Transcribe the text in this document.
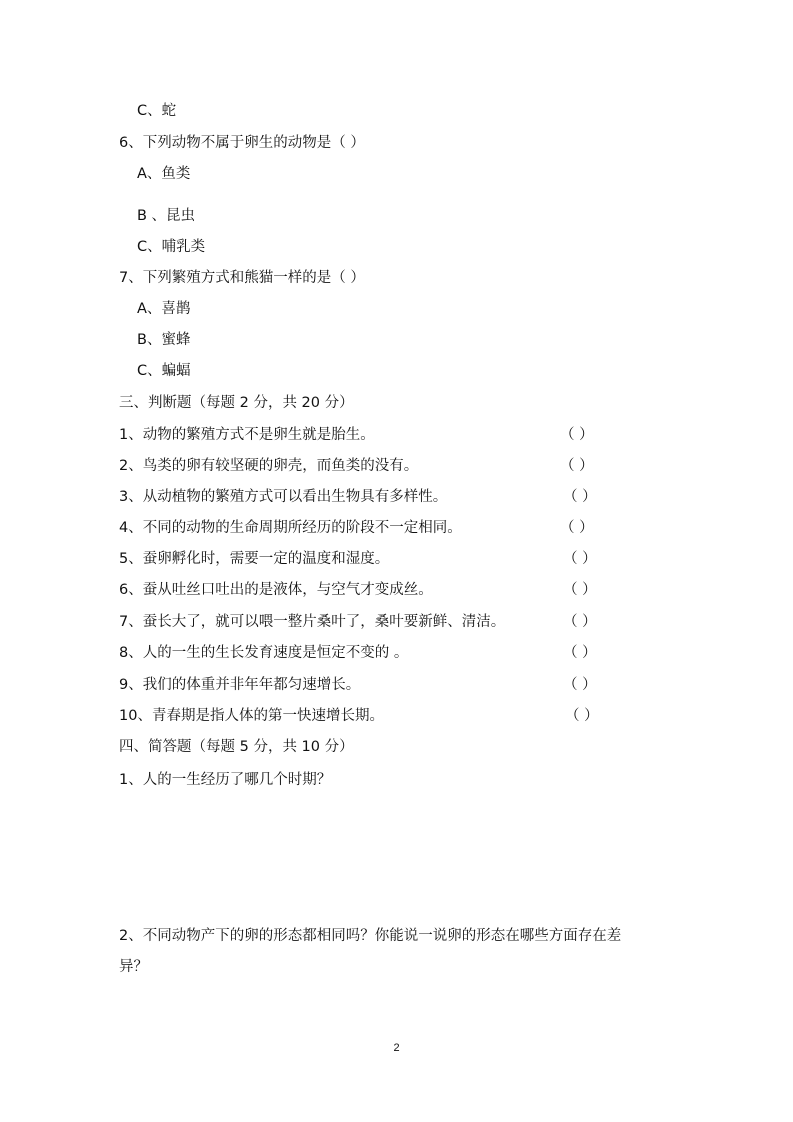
C、蛇
6、下列动物不属于卵生的动物是（ ）
A、鱼类
B 、昆虫
C、哺乳类
7、下列繁殖方式和熊猫一样的是（ ）
A、喜鹊
B、蜜蜂
C、蝙蝠
三、判断题（每题 2 分，共 20 分）
1、动物的繁殖方式不是卵生就是胎生。	（ ）
2、鸟类的卵有较坚硬的卵壳，而鱼类的没有。	（ ）
3、从动植物的繁殖方式可以看出生物具有多样性。	（ ）
4、不同的动物的生命周期所经历的阶段不一定相同。	（ ）
5、蚕卵孵化时，需要一定的温度和湿度。	（ ）
6、蚕从吐丝口吐出的是液体，与空气才变成丝。	（ ）
7、蚕长大了，就可以喂一整片桑叶了，桑叶要新鲜、清洁。	（ ）
8、人的一生的生长发育速度是恒定不变的 。	（ ）
9、我们的体重并非年年都匀速增长。	（ ）
10、青春期是指人体的第一快速增长期。	（ ）
四、简答题（每题 5 分，共 10 分）
1、人的一生经历了哪几个时期？
2、不同动物产下的卵的形态都相同吗？你能说一说卵的形态在哪些方面存在差
异？
2
